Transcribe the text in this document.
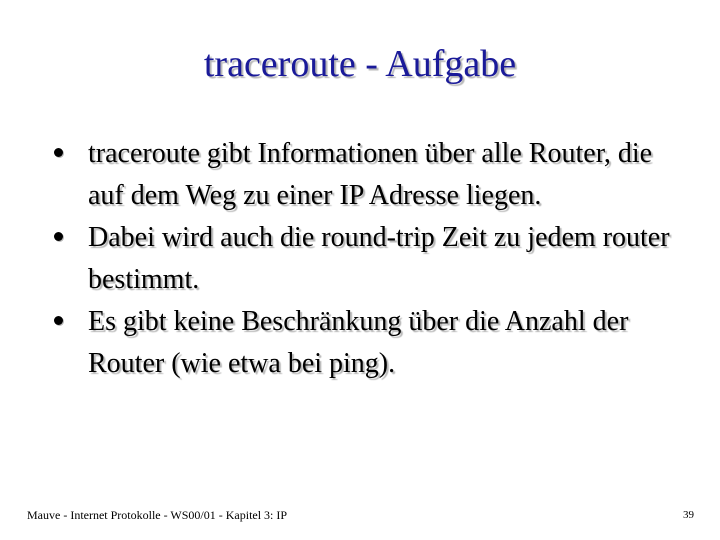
traceroute - Aufgabe
traceroute gibt Informationen über alle Router, die auf dem Weg zu einer IP Adresse liegen.
Dabei wird auch die round-trip Zeit zu jedem router bestimmt.
Es gibt keine Beschränkung über die Anzahl der Router (wie etwa bei ping).
Mauve - Internet Protokolle - WS00/01 - Kapitel 3: IP	39
